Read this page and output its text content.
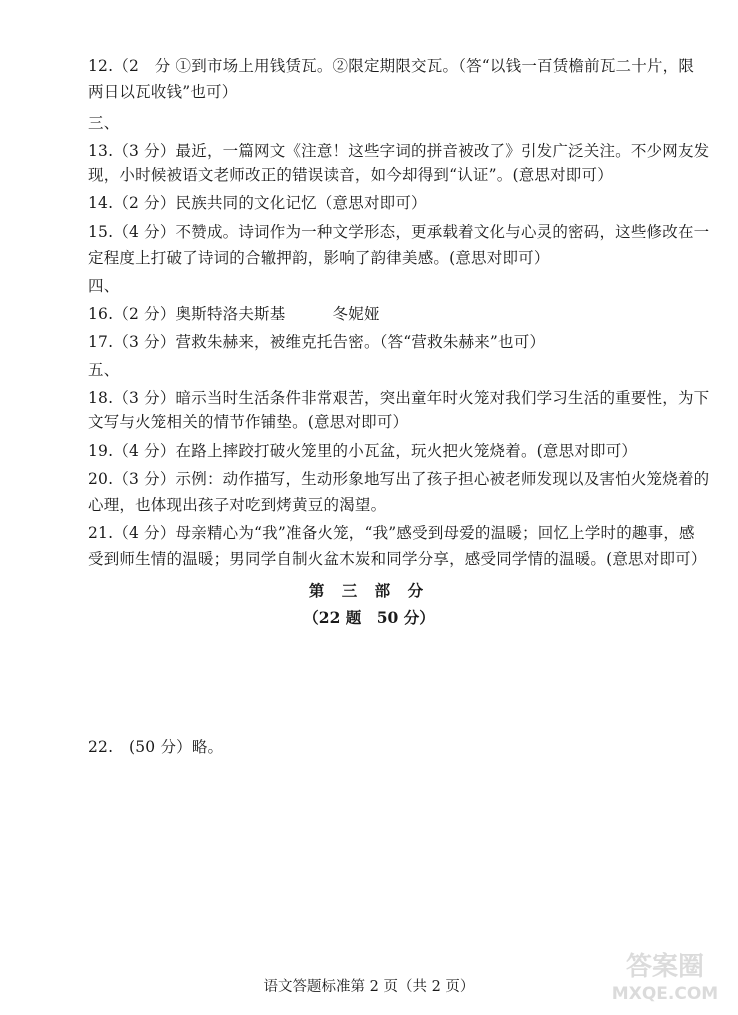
12.（2　分 ①到市场上用钱赁瓦。②限定期限交瓦。（答“以钱一百赁檐前瓦二十片，限
两日以瓦收钱”也可）
三、
13.（3 分）最近，一篇网文《注意！这些字词的拼音被改了》引发广泛关注。不少网友发
现，小时候被语文老师改正的错误读音，如今却得到“认证”。(意思对即可）
14.（2 分）民族共同的文化记忆（意思对即可）
15.（4 分）不赞成。诗词作为一种文学形态，更承载着文化与心灵的密码，这些修改在一
定程度上打破了诗词的合辙押韵，影响了韵律美感。(意思对即可）
四、
16.（2 分）奥斯特洛夫斯基　　　冬妮娅
17.（3 分）营救朱赫来，被维克托告密。（答“营救朱赫来”也可）
五、
18.（3 分）暗示当时生活条件非常艰苦，突出童年时火笼对我们学习生活的重要性，为下
文写与火笼相关的情节作铺垫。(意思对即可）
19.（4 分）在路上摔跤打破火笼里的小瓦盆，玩火把火笼烧着。(意思对即可）
20.（3 分）示例：动作描写，生动形象地写出了孩子担心被老师发现以及害怕火笼烧着的
心理，也体现出孩子对吃到烤黄豆的渴望。
21.（4 分）母亲精心为“我”准备火笼，“我”感受到母爱的温暖；回忆上学时的趣事，感
受到师生情的温暖；男同学自制火盆木炭和同学分享，感受同学情的温暖。(意思对即可）
第 三 部 分
（22 题　50 分）
22.　(50 分）略。
语文答题标准第 2 页（共 2 页）
答案圈
MXQE.COM
